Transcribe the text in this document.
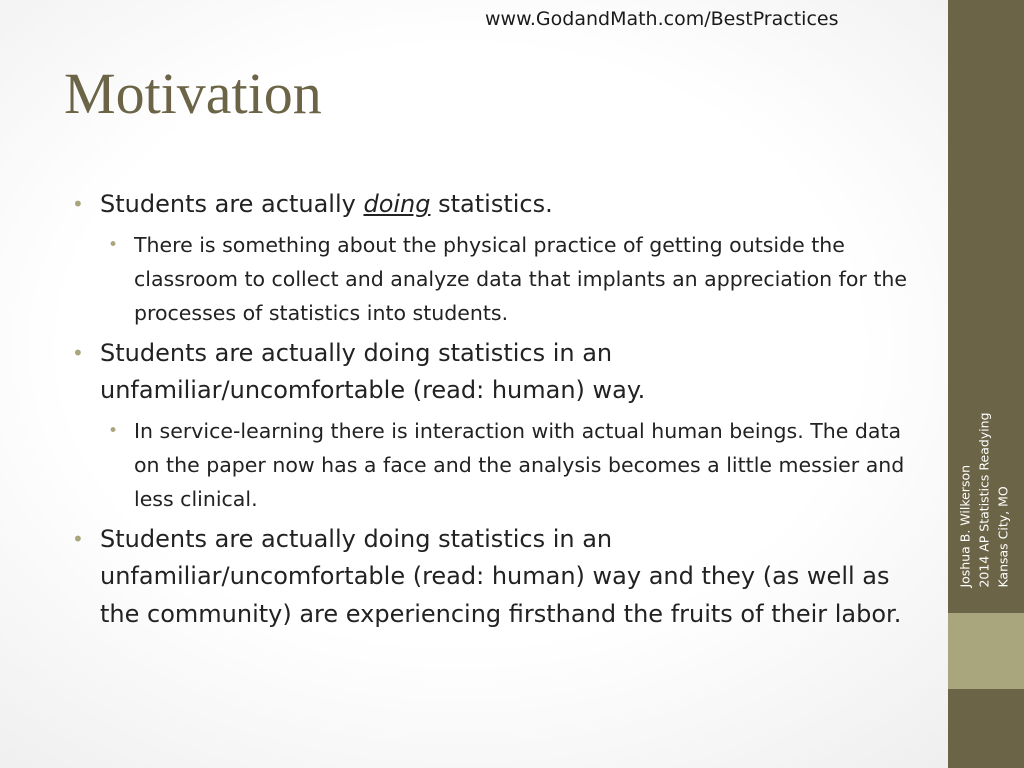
www.GodandMath.com/BestPractices
Motivation
• Students are actually doing statistics.
• There is something about the physical practice of getting outside the classroom to collect and analyze data that implants an appreciation for the processes of statistics into students.
• Students are actually doing statistics in an unfamiliar/uncomfortable (read: human) way.
• In service-learning there is interaction with actual human beings. The data on the paper now has a face and the analysis becomes a little messier and less clinical.
• Students are actually doing statistics in an unfamiliar/uncomfortable (read: human) way and they (as well as the community) are experiencing firsthand the fruits of their labor.
Joshua B. Wilkerson 2014 AP Statistics Readying Kansas City, MO
